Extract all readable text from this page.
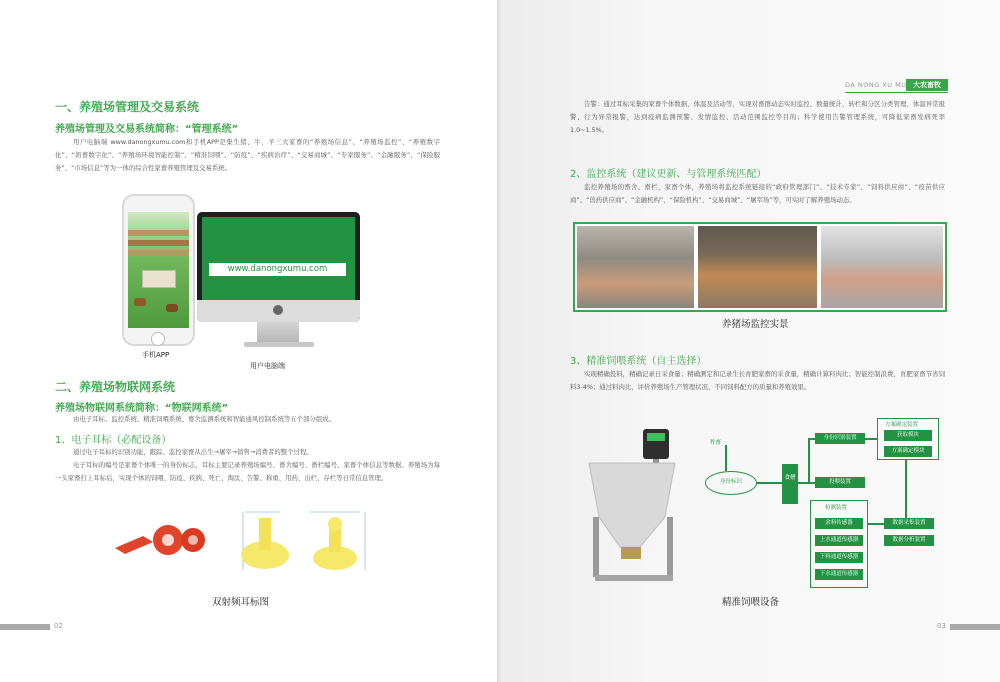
一、养殖场管理及交易系统
养殖场管理及交易系统简称：“管理系统”
用户电脑端 www.danongxumu.com和手机APP是集生猪、牛、羊三大家畜的“养殖场信息”、“养殖场监控”、“养殖数字化”、“奶畜数字化”、“养殖场环境智能控制”、“精准饲喂”、“防疫”、“疾病治疗”、“交易商城”、“专家服务”、“金融服务”、“保险服务”、“市场信息”等为一体的综合性家畜养殖管理及交易系统。
www.danongxumu.com
手机APP
用户电脑端
二、养殖场物联网系统
养殖场物联网系统简称：“物联网系统”
由电子耳标、监控系统、精准饲喂系统、畜舍监测系统和智能通风控制系统等五个部分组成。
1、电子耳标（必配设备）
通过电子耳标的识别功能，跟踪、监控家畜从出生→屠宰→销售→消费者的整个过程。
电子耳标的编号是家畜个体唯一的身份标志，耳标主要记录养殖场编号、畜舍编号、畜栏编号、家畜个体信息等数据。养殖场为每一头家畜打上耳标后，实现个体的饲喂、防疫、疾病、死亡、淘汰、告警、称重、用药、出栏、存栏等日常信息管理。
双射频耳标图
02
DA NONG XU MU 大农畜牧
告警：通过耳标采集的家畜个体数据、体温及活动等，实现对畜群动态实时监控、数量统计、转栏和分区分类管理、体温异常报警、行为异常报警，达到疫病监测预警、发情监控、活动范围监控等目的；科学使用告警管理系统，可降低家畜发病死率1.0~1.5%。
2、监控系统（建议更新、与管理系统匹配）
监控养殖场的畜舍、畜栏、家畜个体，养殖场将监控系统链接的“政府管理部门”、“技术专家”、“饲料供应商”、“疫苗供应商”、“兽药供应商”、“金融机构”、“保险机构”、“交易商城”、“屠宰场”等，可实时了解养殖场动态。
养猪场监控实景
3、精准饲喂系统（自主选择）
实现精确投料，精确记录日采食量；精确测定和记录生长育肥家畜的采食量，精确计算料肉比；智能控制浪费，育肥家畜节省饲料3-4%；通过料肉比，评价养殖场生产管理状况、不同饲料配方的质量和养殖效果。
精准饲喂设备
牲畜
身份标识
食槽
身份识别装置
投喂装置
方案确定装置
获取模块
方案确定模块
检测装置
余料传感器
上水通道传感器
下料通道传感器
下水通道传感器
数据采集装置
数据分析装置
03
